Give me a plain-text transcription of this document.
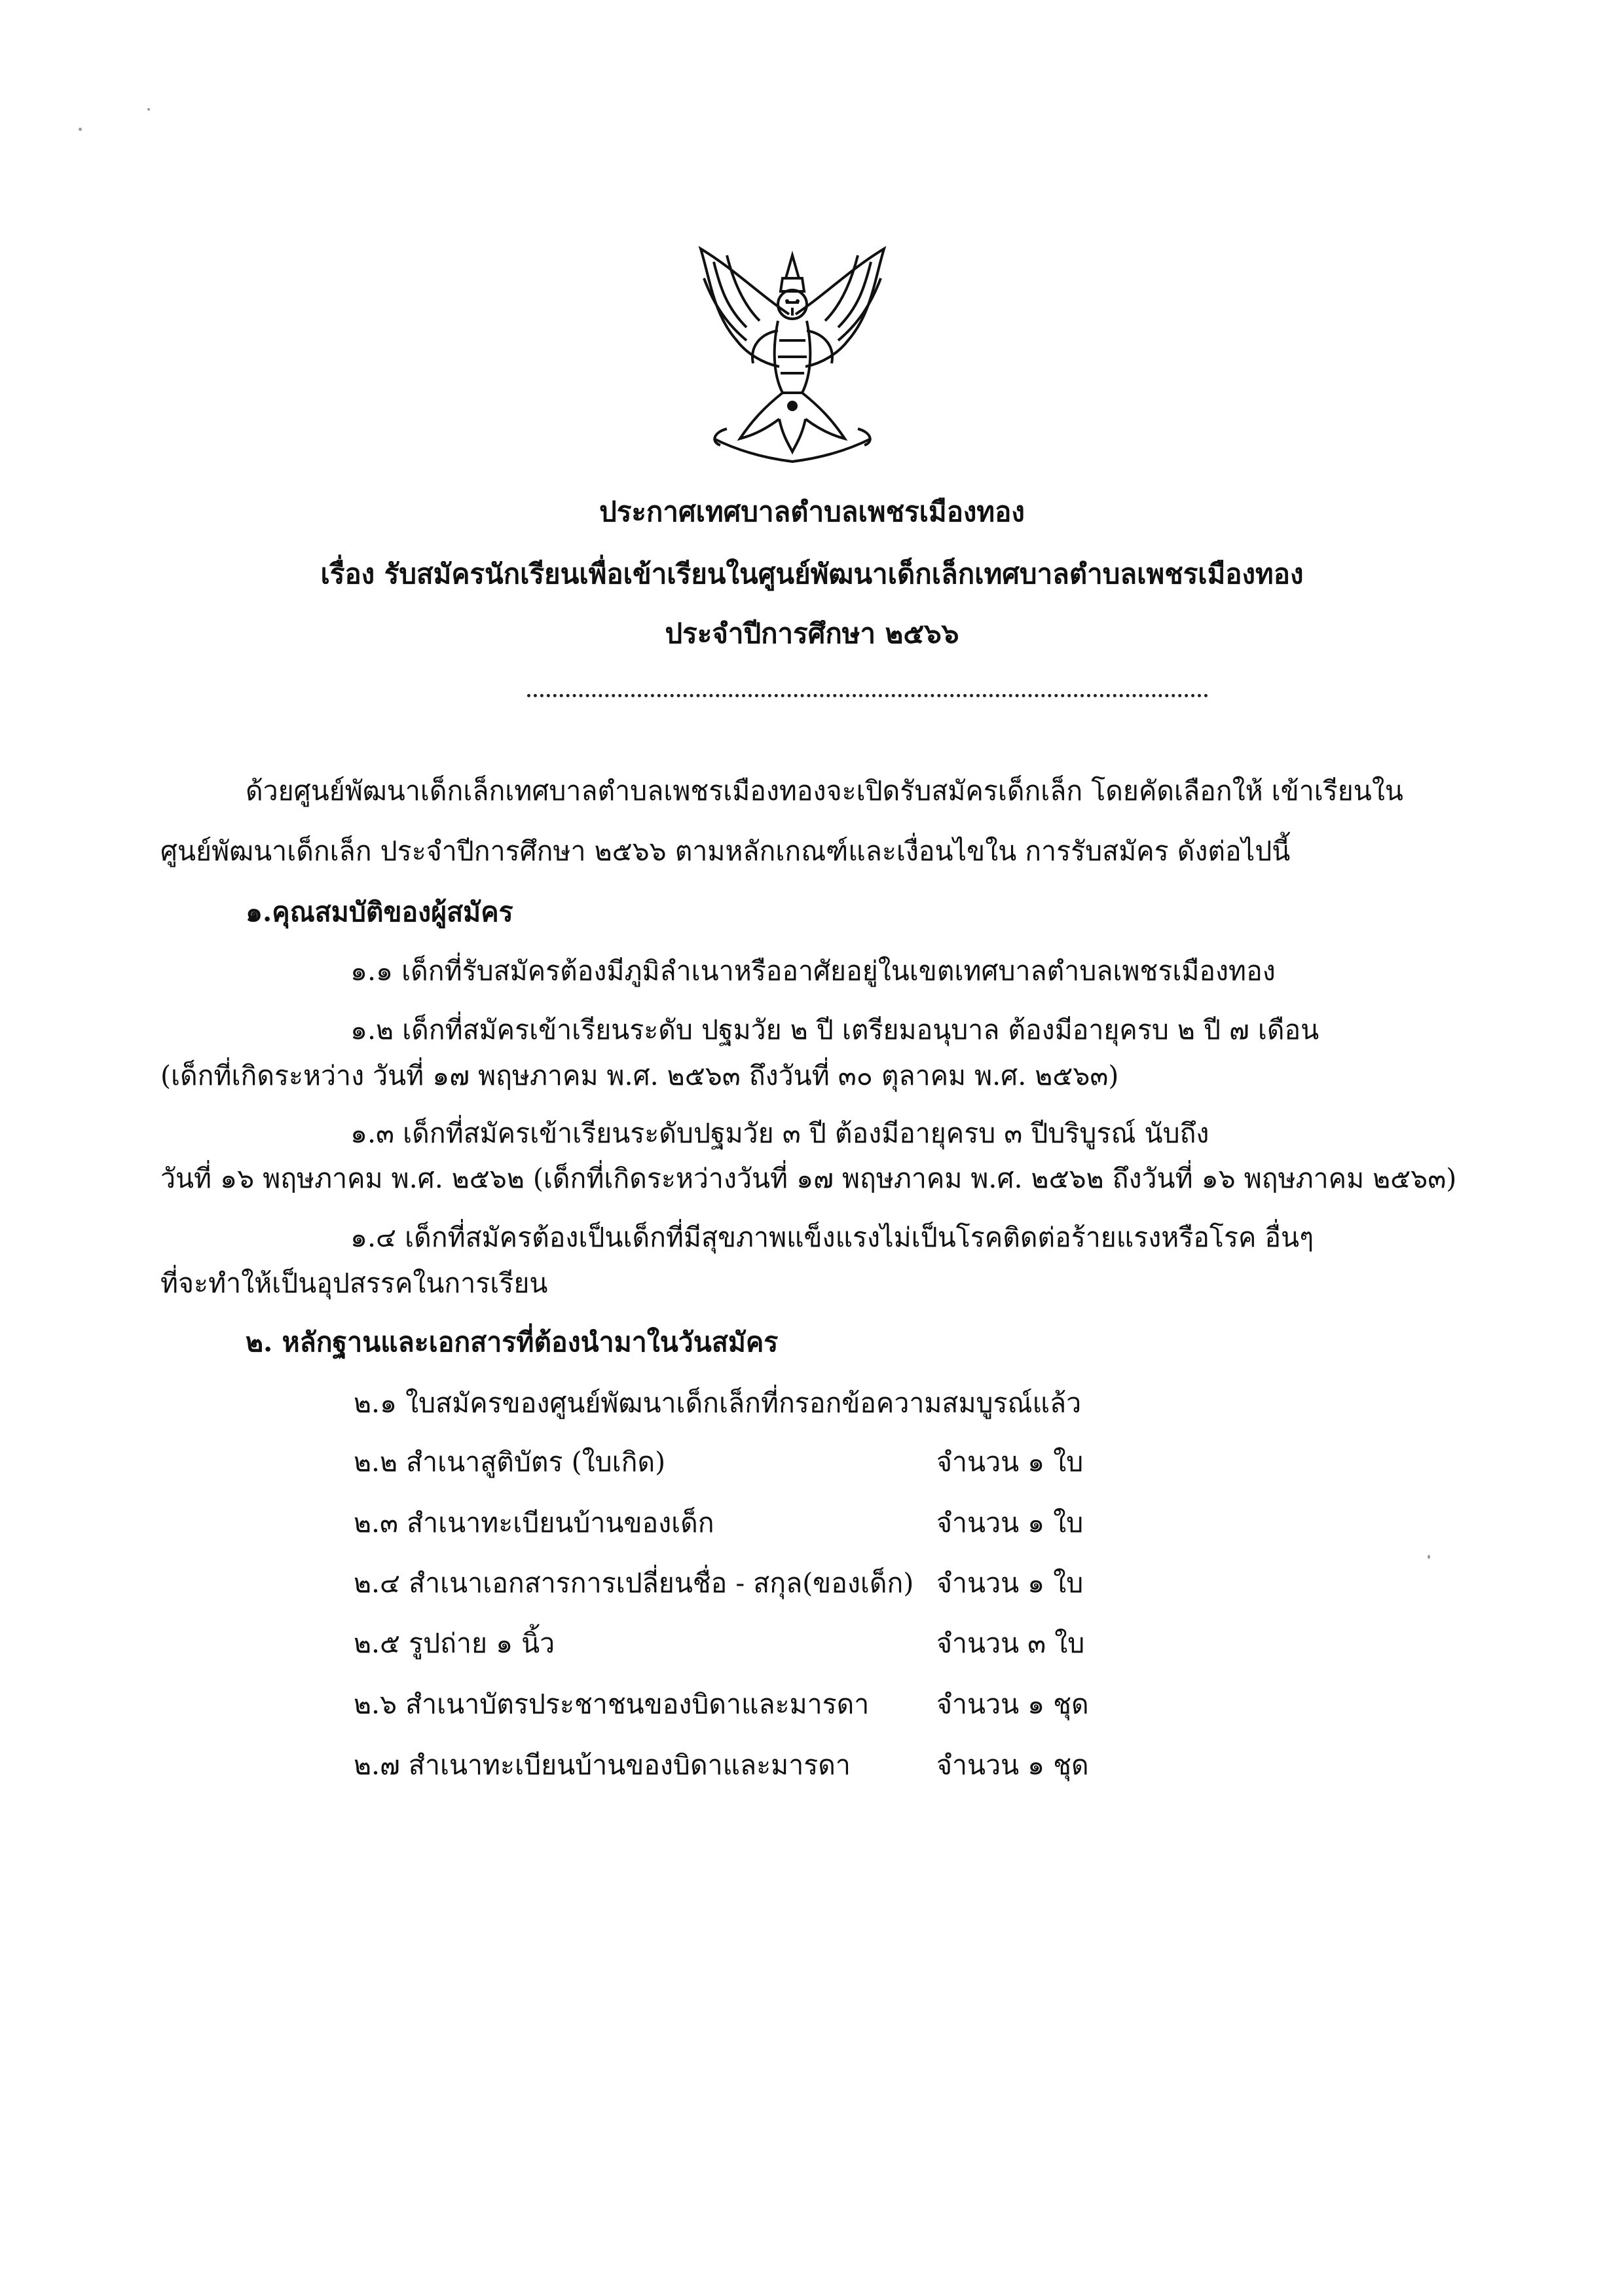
ประกาศเทศบาลตำบลเพชรเมืองทอง
เรื่อง รับสมัครนักเรียนเพื่อเข้าเรียนในศูนย์พัฒนาเด็กเล็กเทศบาลตำบลเพชรเมืองทอง
ประจำปีการศึกษา ๒๕๖๖
ด้วยศูนย์พัฒนาเด็กเล็กเทศบาลตำบลเพชรเมืองทองจะเปิดรับสมัครเด็กเล็ก โดยคัดเลือกให้ เข้าเรียนใน
ศูนย์พัฒนาเด็กเล็ก ประจำปีการศึกษา ๒๕๖๖ ตามหลักเกณฑ์และเงื่อนไขใน การรับสมัคร ดังต่อไปนี้
๑.คุณสมบัติของผู้สมัคร
๑.๑ เด็กที่รับสมัครต้องมีภูมิลำเนาหรืออาศัยอยู่ในเขตเทศบาลตำบลเพชรเมืองทอง
๑.๒ เด็กที่สมัครเข้าเรียนระดับ ปฐมวัย ๒ ปี เตรียมอนุบาล ต้องมีอายุครบ ๒ ปี ๗ เดือน
(เด็กที่เกิดระหว่าง วันที่ ๑๗ พฤษภาคม พ.ศ. ๒๕๖๓ ถึงวันที่ ๓๐ ตุลาคม พ.ศ. ๒๕๖๓)
๑.๓ เด็กที่สมัครเข้าเรียนระดับปฐมวัย ๓ ปี ต้องมีอายุครบ ๓ ปีบริบูรณ์ นับถึง
วันที่ ๑๖ พฤษภาคม พ.ศ. ๒๕๖๒ (เด็กที่เกิดระหว่างวันที่ ๑๗ พฤษภาคม พ.ศ. ๒๕๖๒ ถึงวันที่ ๑๖ พฤษภาคม ๒๕๖๓)
๑.๔ เด็กที่สมัครต้องเป็นเด็กที่มีสุขภาพแข็งแรงไม่เป็นโรคติดต่อร้ายแรงหรือโรค อื่นๆ
ที่จะทำให้เป็นอุปสรรคในการเรียน
๒. หลักฐานและเอกสารที่ต้องนำมาในวันสมัคร
๒.๑ ใบสมัครของศูนย์พัฒนาเด็กเล็กที่กรอกข้อความสมบูรณ์แล้ว
๒.๒ สำเนาสูติบัตร (ใบเกิด)	จำนวน ๑ ใบ
๒.๓ สำเนาทะเบียนบ้านของเด็ก	จำนวน ๑ ใบ
๒.๔ สำเนาเอกสารการเปลี่ยนชื่อ - สกุล(ของเด็ก) จำนวน ๑ ใบ
๒.๕ รูปถ่าย ๑ นิ้ว	จำนวน ๓ ใบ
๒.๖ สำเนาบัตรประชาชนของบิดาและมารดา	จำนวน ๑ ชุด
๒.๗ สำเนาทะเบียนบ้านของบิดาและมารดา	จำนวน ๑ ชุด
